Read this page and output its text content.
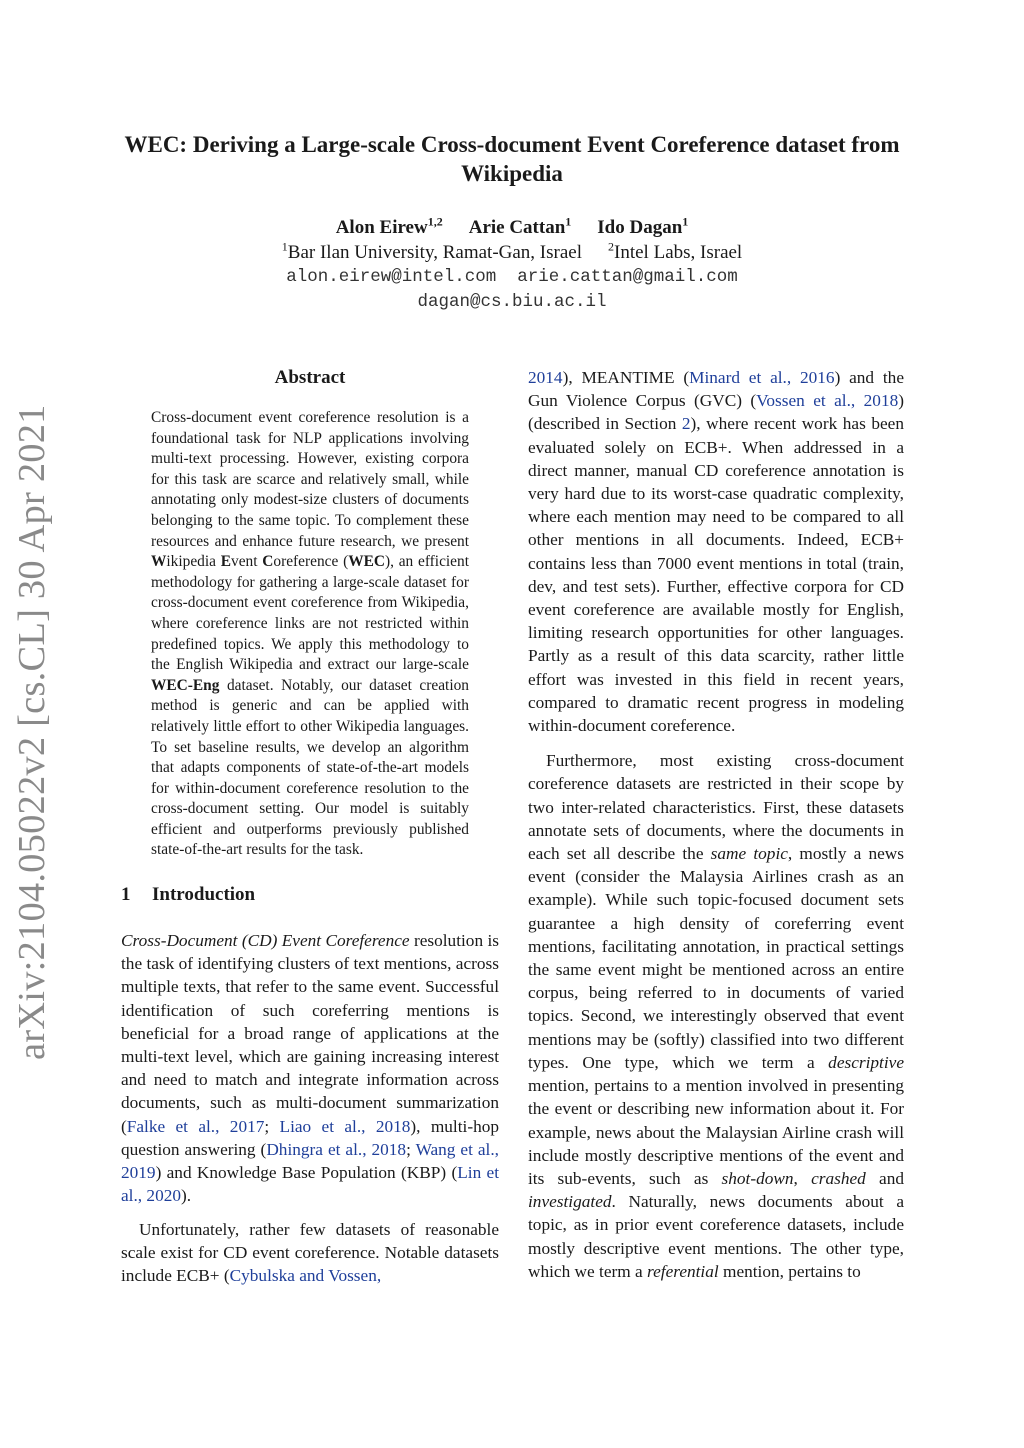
arXiv:2104.05022v2 [cs.CL] 30 Apr 2021
WEC: Deriving a Large-scale Cross-document Event Coreference dataset from Wikipedia
Alon Eirew$^{1,2}$ Arie Cattan$^1$ Ido Dagan$^1$
$^1$Bar Ilan University, Ramat-Gan, Israel $^2$Intel Labs, Israel
alon.eirew@intel.com arie.cattan@gmail.com
dagan@cs.biu.ac.il
Abstract

Cross-document event coreference resolution is a foundational task for NLP applications involving multi-text processing. However, existing corpora for this task are scarce and relatively small, while annotating only modest-size clusters of documents belonging to the same topic. To complement these resources and enhance future research, we present Wikipedia Event Coreference (WEC), an efficient methodology for gathering a large-scale dataset for cross-document event coreference from Wikipedia, where coreference links are not restricted within predefined topics. We apply this methodology to the English Wikipedia and extract our large-scale WEC-Eng dataset. Notably, our dataset creation method is generic and can be applied with relatively little effort to other Wikipedia languages. To set baseline results, we develop an algorithm that adapts components of state-of-the-art models for within-document coreference resolution to the cross-document setting. Our model is suitably efficient and outperforms previously published state-of-the-art results for the task.

1 Introduction

Cross-Document (CD) Event Coreference resolution is the task of identifying clusters of text mentions, across multiple texts, that refer to the same event. Successful identification of such coreferring mentions is beneficial for a broad range of applications at the multi-text level, which are gaining increasing interest and need to match and integrate information across documents, such as multi-document summarization (Falke et al., 2017; Liao et al., 2018), multi-hop question answering (Dhingra et al., 2018; Wang et al., 2019) and Knowledge Base Population (KBP) (Lin et al., 2020).

Unfortunately, rather few datasets of reasonable scale exist for CD event coreference. Notable datasets include ECB+ (Cybulska and Vossen,

2014), MEANTIME (Minard et al., 2016) and the Gun Violence Corpus (GVC) (Vossen et al., 2018) (described in Section 2), where recent work has been evaluated solely on ECB+. When addressed in a direct manner, manual CD coreference annotation is very hard due to its worst-case quadratic complexity, where each mention may need to be compared to all other mentions in all documents. Indeed, ECB+ contains less than 7000 event mentions in total (train, dev, and test sets). Further, effective corpora for CD event coreference are available mostly for English, limiting research opportunities for other languages. Partly as a result of this data scarcity, rather little effort was invested in this field in recent years, compared to dramatic recent progress in modeling within-document coreference.

Furthermore, most existing cross-document coreference datasets are restricted in their scope by two inter-related characteristics. First, these datasets annotate sets of documents, where the documents in each set all describe the same topic, mostly a news event (consider the Malaysia Airlines crash as an example). While such topic-focused document sets guarantee a high density of coreferring event mentions, facilitating annotation, in practical settings the same event might be mentioned across an entire corpus, being referred to in documents of varied topics. Second, we interestingly observed that event mentions may be (softly) classified into two different types. One type, which we term a descriptive mention, pertains to a mention involved in presenting the event or describing new information about it. For example, news about the Malaysian Airline crash will include mostly descriptive mentions of the event and its sub-events, such as shot-down, crashed and investigated. Naturally, news documents about a topic, as in prior event coreference datasets, include mostly descriptive event mentions. The other type, which we term a referential mention, pertains to
